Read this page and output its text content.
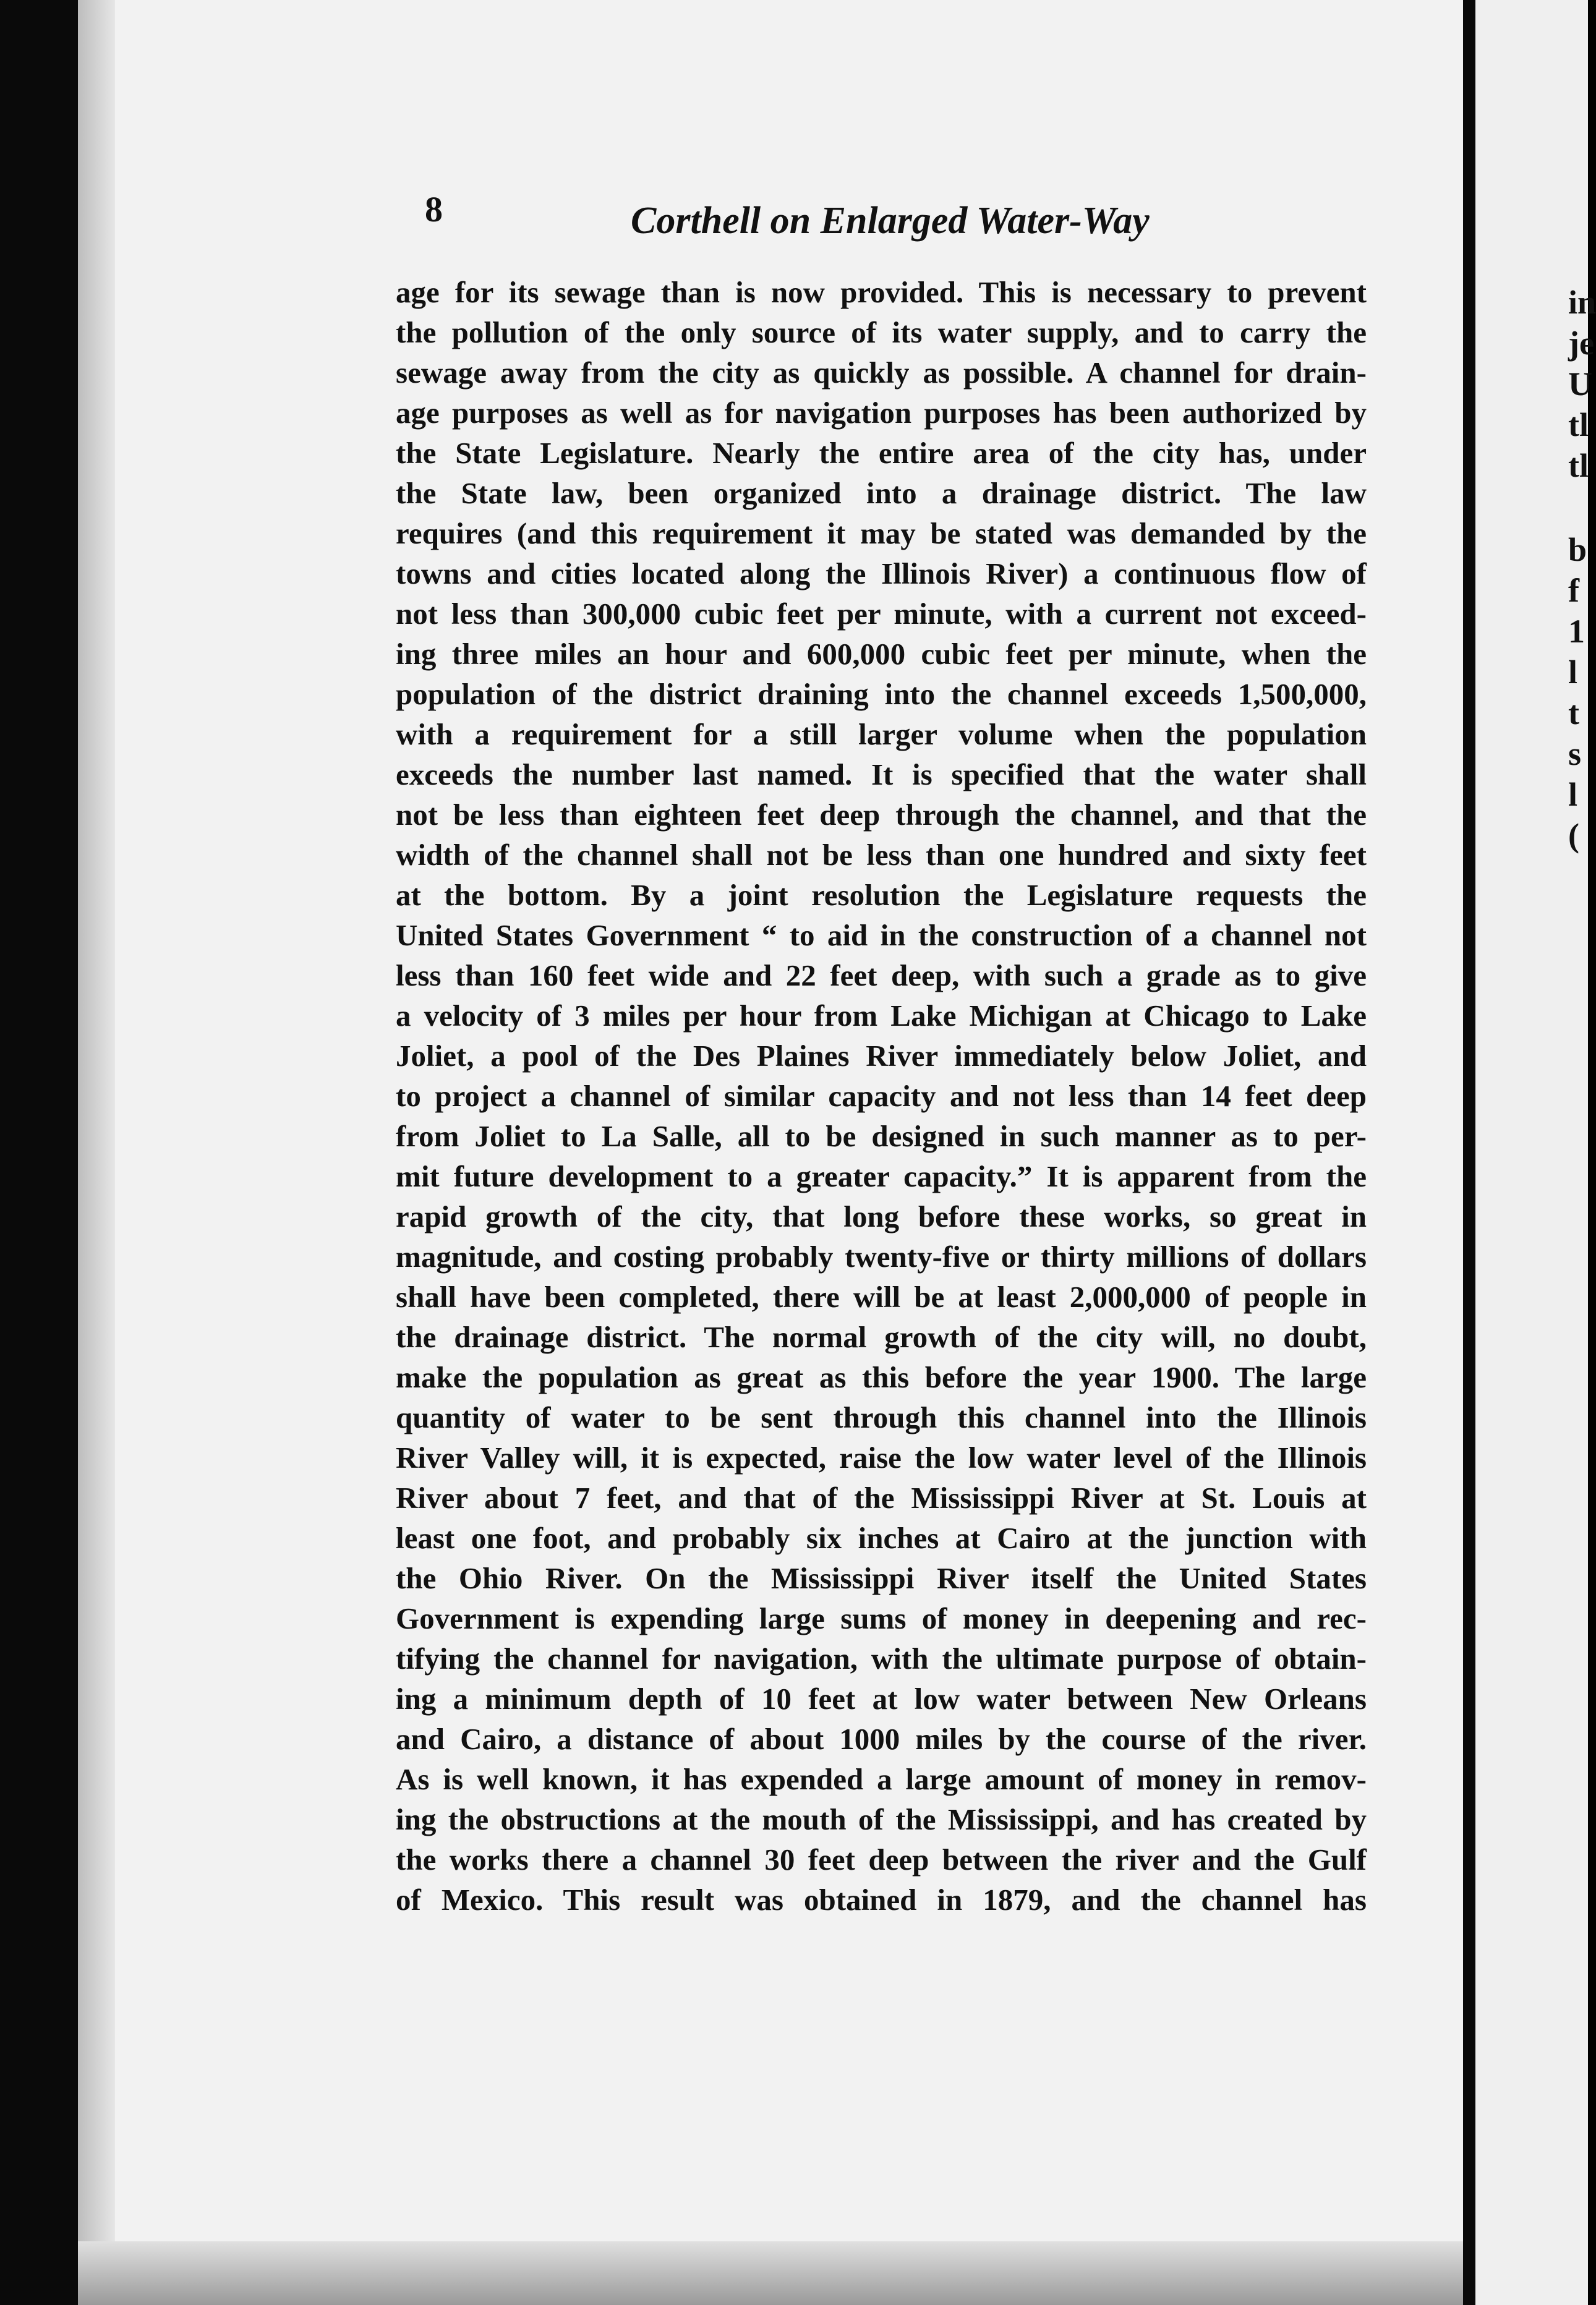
8	Corthell on Enlarged Water-Way
age for its sewage than is now provided. This is necessary to prevent
the pollution of the only source of its water supply, and to carry the
sewage away from the city as quickly as possible. A channel for drain-
age purposes as well as for navigation purposes has been authorized by
the State Legislature. Nearly the entire area of the city has, under
the State law, been organized into a drainage district. The law
requires (and this requirement it may be stated was demanded by the
towns and cities located along the Illinois River) a continuous flow of
not less than 300,000 cubic feet per minute, with a current not exceed-
ing three miles an hour and 600,000 cubic feet per minute, when the
population of the district draining into the channel exceeds 1,500,000,
with a requirement for a still larger volume when the population
exceeds the number last named. It is specified that the water shall
not be less than eighteen feet deep through the channel, and that the
width of the channel shall not be less than one hundred and sixty feet
at the bottom. By a joint resolution the Legislature requests the
United States Government “ to aid in the construction of a channel not
less than 160 feet wide and 22 feet deep, with such a grade as to give
a velocity of 3 miles per hour from Lake Michigan at Chicago to Lake
Joliet, a pool of the Des Plaines River immediately below Joliet, and
to project a channel of similar capacity and not less than 14 feet deep
from Joliet to La Salle, all to be designed in such manner as to per-
mit future development to a greater capacity.” It is apparent from the
rapid growth of the city, that long before these works, so great in
magnitude, and costing probably twenty-five or thirty millions of dollars
shall have been completed, there will be at least 2,000,000 of people in
the drainage district. The normal growth of the city will, no doubt,
make the population as great as this before the year 1900. The large
quantity of water to be sent through this channel into the Illinois
River Valley will, it is expected, raise the low water level of the Illinois
River about 7 feet, and that of the Mississippi River at St. Louis at
least one foot, and probably six inches at Cairo at the junction with
the Ohio River. On the Mississippi River itself the United States
Government is expending large sums of money in deepening and rec-
tifying the channel for navigation, with the ultimate purpose of obtain-
ing a minimum depth of 10 feet at low water between New Orleans
and Cairo, a distance of about 1000 miles by the course of the river.
As is well known, it has expended a large amount of money in remov-
ing the obstructions at the mouth of the Mississippi, and has created by
the works there a channel 30 feet deep between the river and the Gulf
of Mexico. This result was obtained in 1879, and the channel has
in
je
U
tl
tl
b
f
1
l
t
s
l
(
